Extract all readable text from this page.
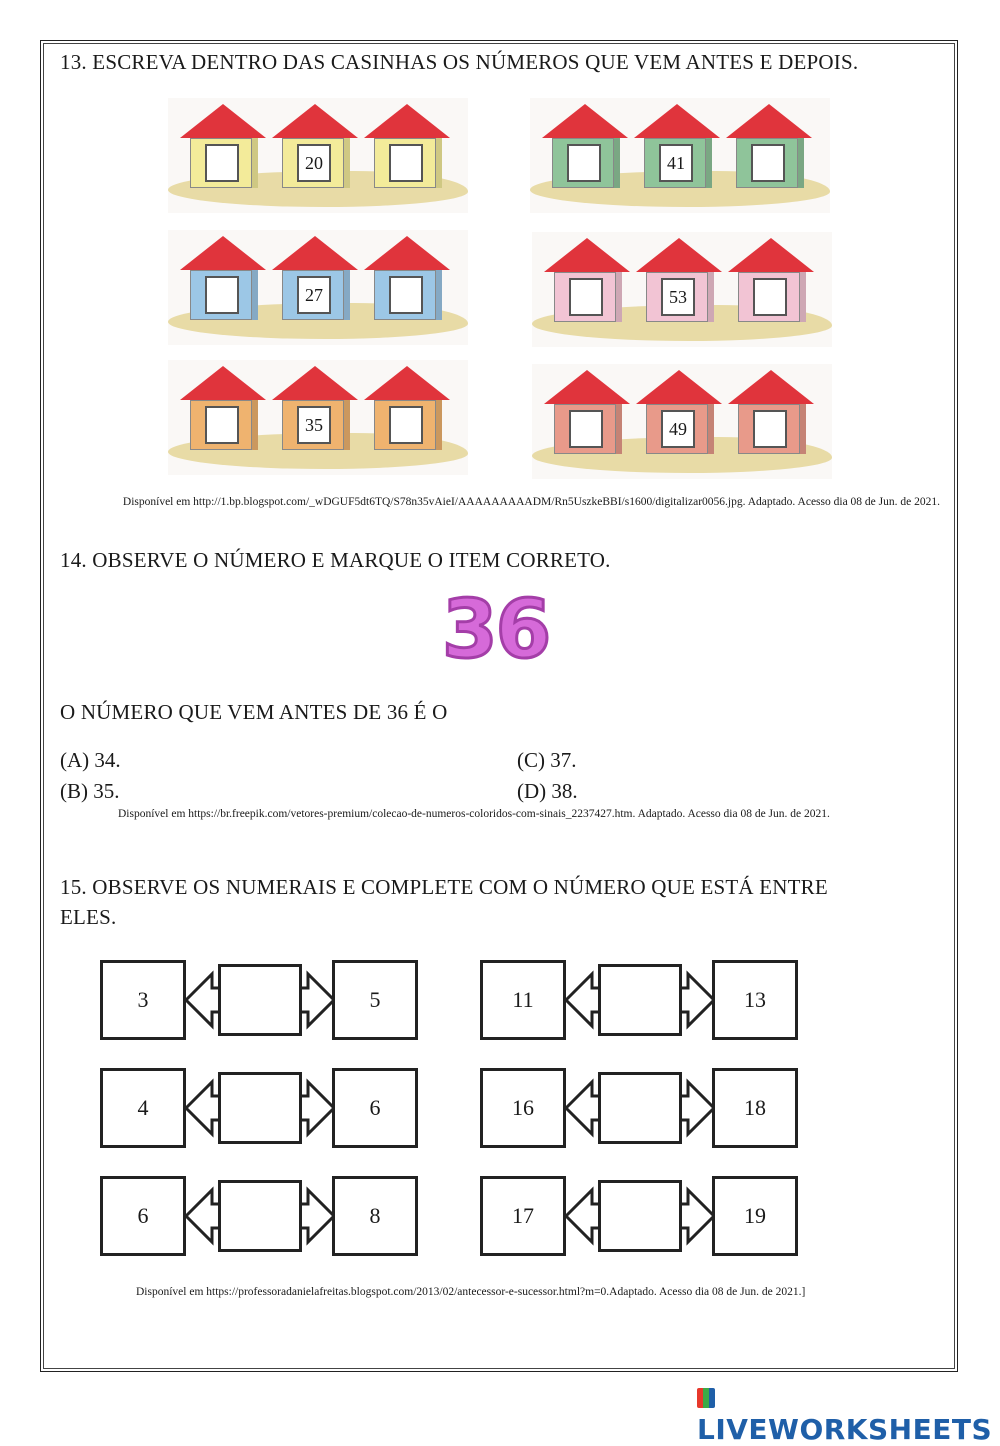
13. ESCREVA DENTRO DAS CASINHAS OS NÚMEROS QUE VEM ANTES E DEPOIS.
20	41
27	53
35	49
Disponível em http://1.bp.blogspot.com/_wDGUF5dt6TQ/S78n35vAieI/AAAAAAAAADM/Rn5UszkeBBI/s1600/digitalizar0056.jpg. Adaptado. Acesso dia 08 de Jun. de 2021.
14. OBSERVE O NÚMERO E MARQUE O ITEM CORRETO.
36
O NÚMERO QUE VEM ANTES DE 36 É O
(A) 34.
(B) 35.
(C) 37.
(D) 38.
Disponível em https://br.freepik.com/vetores-premium/colecao-de-numeros-coloridos-com-sinais_2237427.htm. Adaptado. Acesso dia 08 de Jun. de 2021.
15. OBSERVE OS NUMERAIS E COMPLETE COM O NÚMERO QUE ESTÁ ENTRE
ELES.
3	5	11	13
4	6	16	18
6	8	17	19
Disponível em https://professoradanielafreitas.blogspot.com/2013/02/antecessor-e-sucessor.html?m=0.Adaptado. Acesso dia 08 de Jun. de 2021.]
LIVEWORKSHEETS
